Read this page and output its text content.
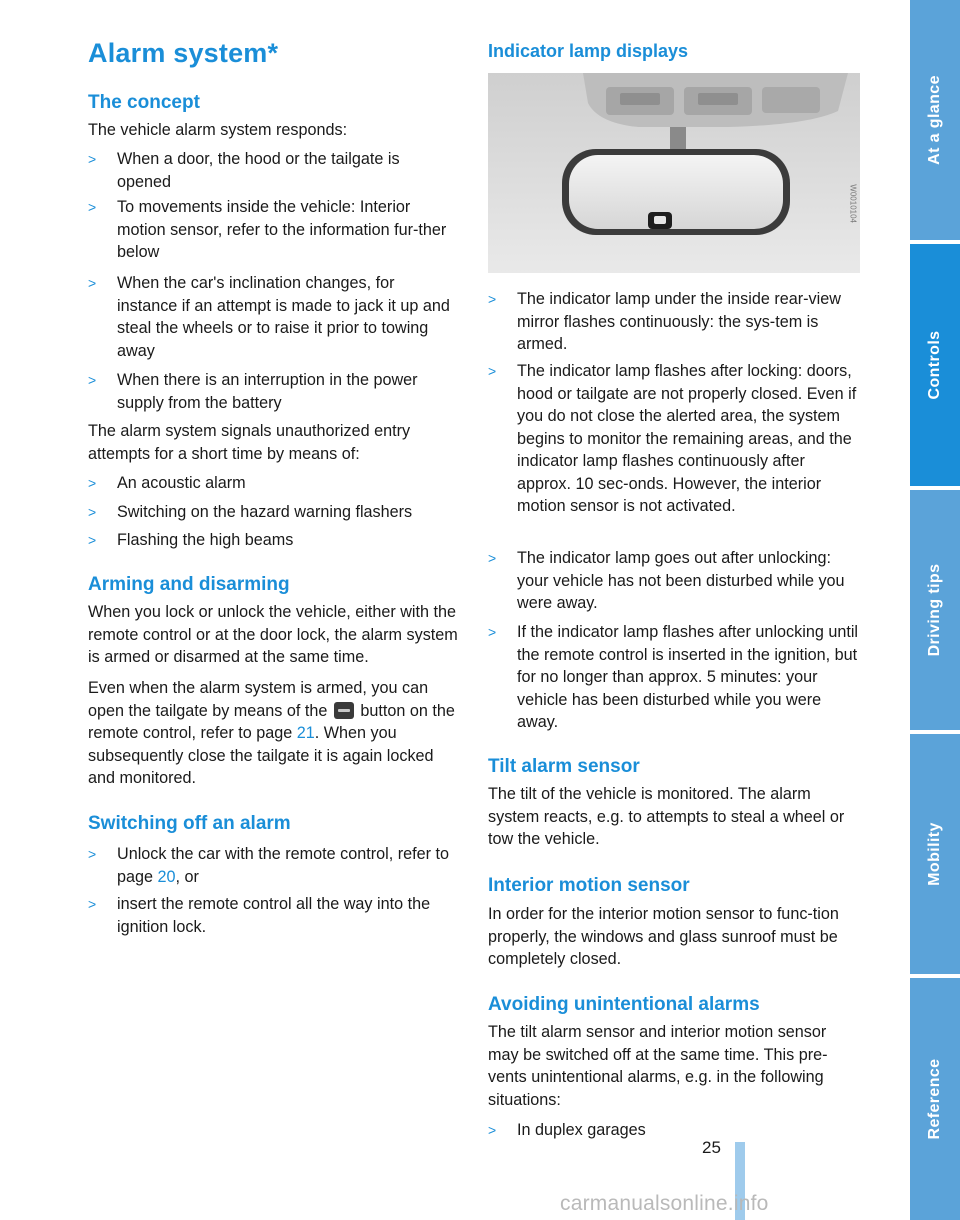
Alarm system*
The concept

The vehicle alarm system responds:

> When a door, the hood or the tailgate is opened
> To movements inside the vehicle: Interior motion sensor, refer to the information fur-ther below
> When the car's inclination changes, for instance if an attempt is made to jack it up and steal the wheels or to raise it prior to towing away
> When there is an interruption in the power supply from the battery

The alarm system signals unauthorized entry attempts for a short time by means of:

> An acoustic alarm
> Switching on the hazard warning flashers
> Flashing the high beams
Arming and disarming

When you lock or unlock the vehicle, either with the remote control or at the door lock, the alarm system is armed or disarmed at the same time.

Even when the alarm system is armed, you can open the tailgate by means of the button on the remote control, refer to page 21. When you subsequently close the tailgate it is again locked and monitored.

Switching off an alarm
> Unlock the car with the remote control, refer to page 20, or
> insert the remote control all the way into the ignition lock.
Indicator lamp displays
W0010104
> The indicator lamp under the inside rear-view mirror flashes continuously: the sys-tem is armed.
> The indicator lamp flashes after locking: doors, hood or tailgate are not properly closed. Even if you do not close the alerted area, the system begins to monitor the remaining areas, and the indicator lamp flashes continuously after approx. 10 sec-onds. However, the interior motion sensor is not activated.
> The indicator lamp goes out after unlocking: your vehicle has not been disturbed while you were away.
> If the indicator lamp flashes after unlocking until the remote control is inserted in the ignition, but for no longer than approx. 5 minutes: your vehicle has been disturbed while you were away.
Tilt alarm sensor

The tilt of the vehicle is monitored. The alarm system reacts, e.g. to attempts to steal a wheel or tow the vehicle.

Interior motion sensor

In order for the interior motion sensor to func-tion properly, the windows and glass sunroof must be completely closed.

Avoiding unintentional alarms

The tilt alarm sensor and interior motion sensor may be switched off at the same time. This pre-vents unintentional alarms, e.g. in the following situations:

> In duplex garages
At a glance
Controls
Driving tips
Mobility
Reference
25
carmanualsonline.info
